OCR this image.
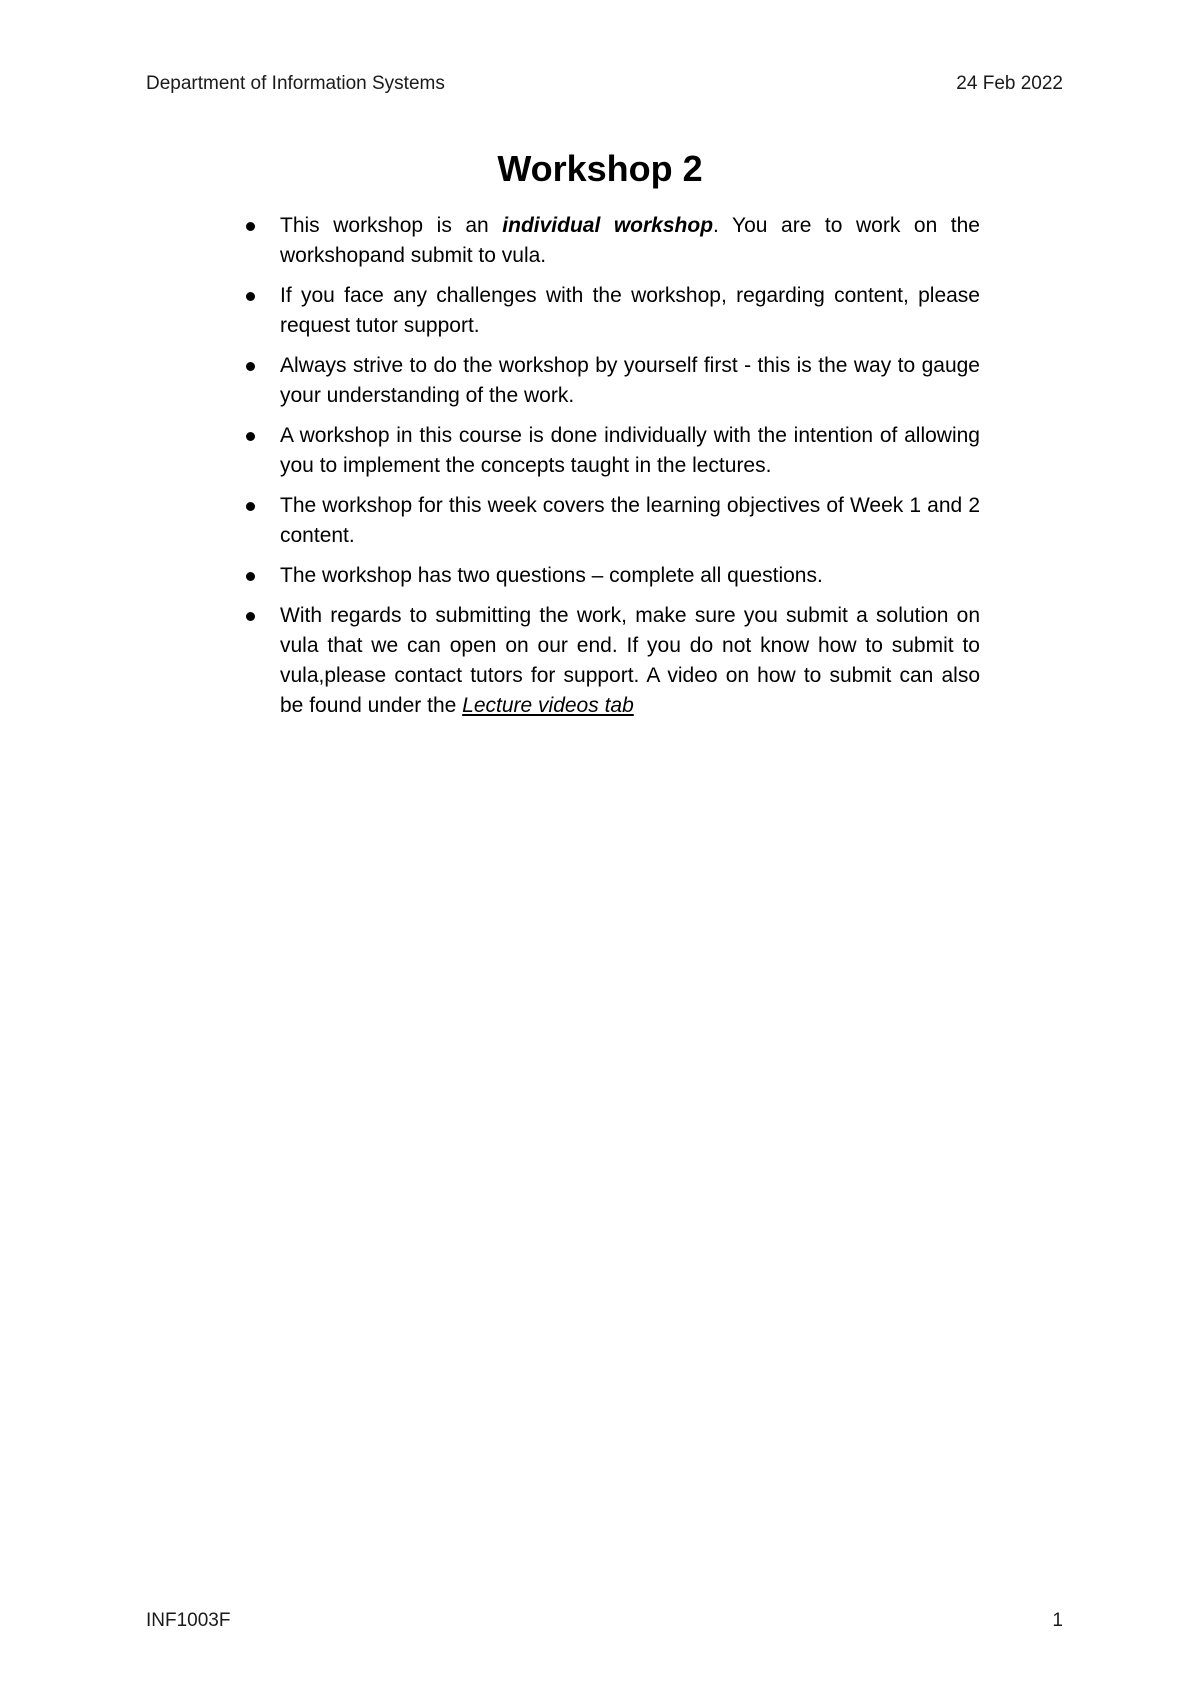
Department of Information Systems	24 Feb 2022
Workshop 2
This workshop is an individual workshop. You are to work on the workshopand submit to vula.
If you face any challenges with the workshop, regarding content, please request tutor support.
Always strive to do the workshop by yourself first - this is the way to gauge your understanding of the work.
A workshop in this course is done individually with the intention of allowing you to implement the concepts taught in the lectures.
The workshop for this week covers the learning objectives of Week 1 and 2 content.
The workshop has two questions – complete all questions.
With regards to submitting the work, make sure you submit a solution on vula that we can open on our end. If you do not know how to submit to vula,please contact tutors for support. A video on how to submit can also be found under the Lecture videos tab
INF1003F	1
